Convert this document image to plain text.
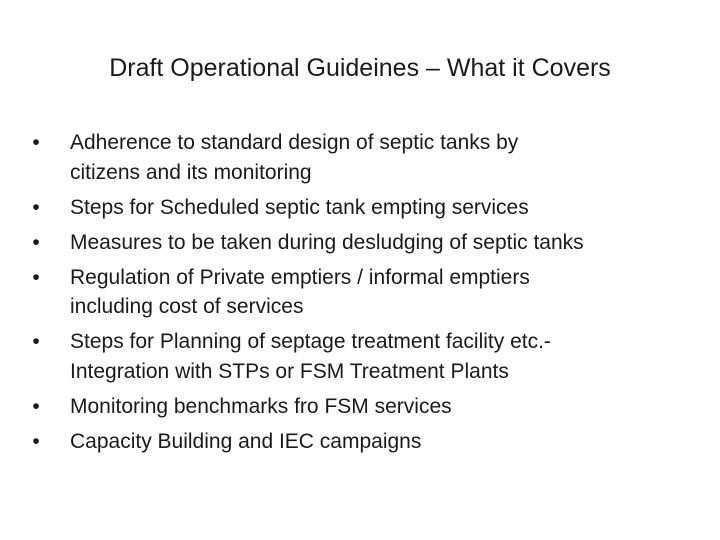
Draft Operational Guideines – What it Covers
• Adherence to standard design of septic tanks by
citizens and its monitoring
• Steps for Scheduled septic tank empting services
• Measures to be taken during desludging of septic tanks
• Regulation of Private emptiers / informal emptiers
including cost of services
• Steps for Planning of septage treatment facility etc.-
Integration with STPs or FSM Treatment Plants
• Monitoring benchmarks fro FSM services
• Capacity Building and IEC campaigns
